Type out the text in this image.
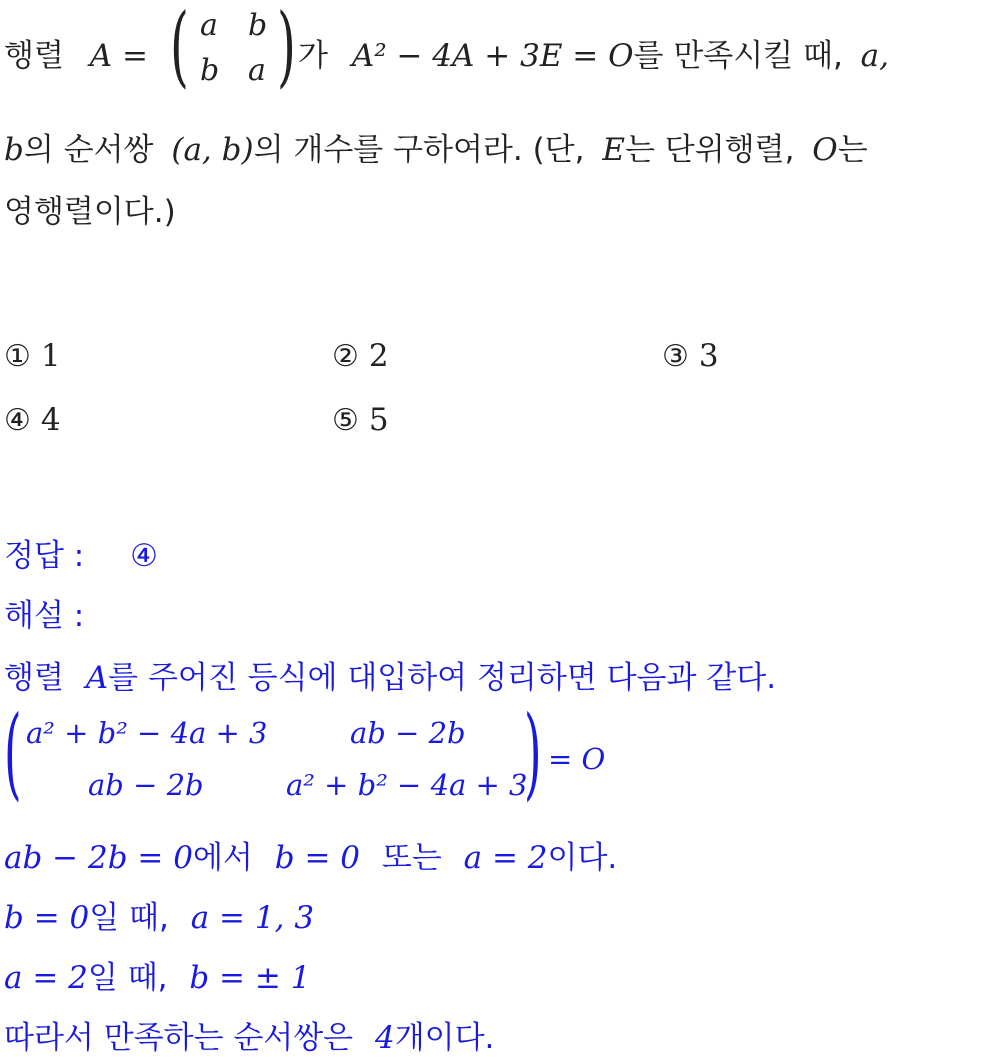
행렬 A = ( a b
b a ) 가 A² − 4A + 3E = O를 만족시킬 때, a,
b의 순서쌍 (a, b)의 개수를 구하여라. (단, E는 단위행렬, O는
영행렬이다.)
① 1	② 2	③ 3
④ 4	⑤ 5
정답 : ④
해설 :
행렬 A를 주어진 등식에 대입하여 정리하면 다음과 같다.
( a² + b² − 4a + 3	ab − 2b
ab − 2b	a² + b² − 4a + 3
) = O
ab − 2b = 0에서 b = 0 또는 a = 2이다.
b = 0일 때, a = 1, 3
a = 2일 때, b = ± 1
따라서 만족하는 순서쌍은 4개이다.
